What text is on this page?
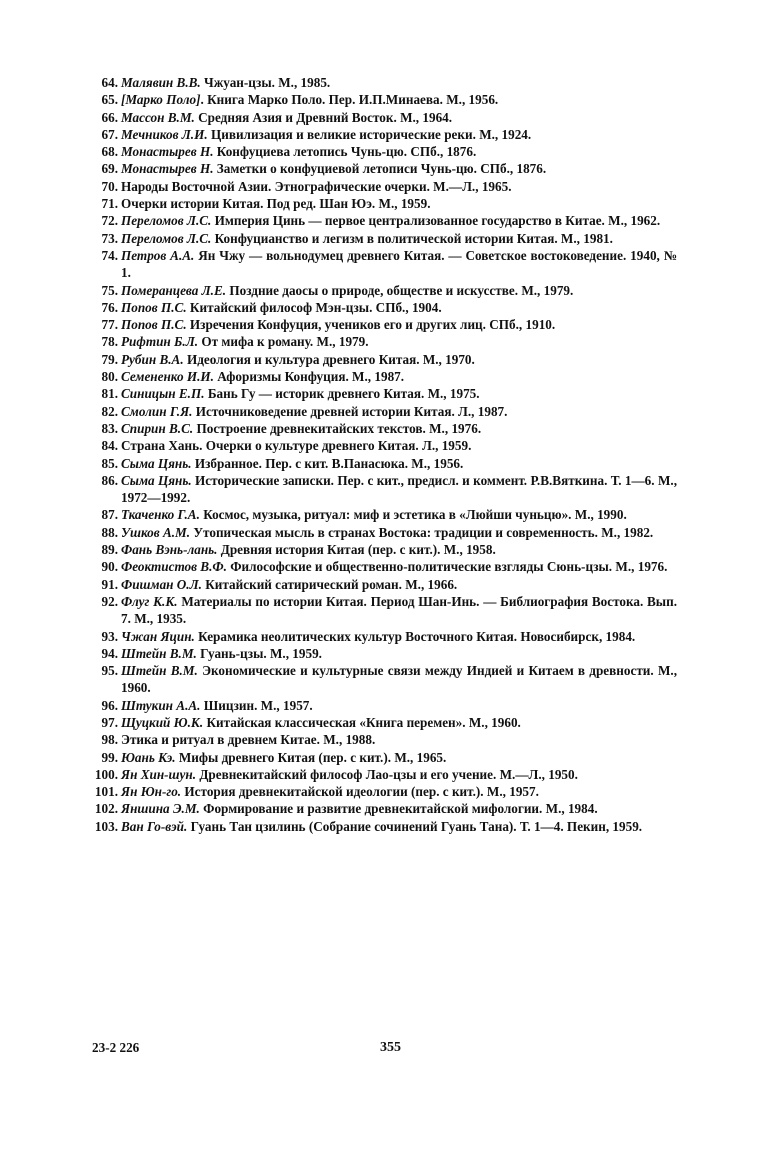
64. Малявин В.В. Чжуан-цзы. М., 1985.
65. [Марко Поло]. Книга Марко Поло. Пер. И.П.Минаева. М., 1956.
66. Массон В.М. Средняя Азия и Древний Восток. М., 1964.
67. Мечников Л.И. Цивилизация и великие исторические реки. М., 1924.
68. Монастырев Н. Конфуциева летопись Чунь-цю. СПб., 1876.
69. Монастырев Н. Заметки о конфуциевой летописи Чунь-цю. СПб., 1876.
70. Народы Восточной Азии. Этнографические очерки. М.—Л., 1965.
71. Очерки истории Китая. Под ред. Шан Юэ. М., 1959.
72. Переломов Л.С. Империя Цинь — первое централизованное государство в Китае. М., 1962.
73. Переломов Л.С. Конфуцианство и легизм в политической истории Китая. М., 1981.
74. Петров А.А. Ян Чжу — вольнодумец древнего Китая. — Советское востоковедение. 1940, № 1.
75. Померанцева Л.Е. Поздние даосы о природе, обществе и искусстве. М., 1979.
76. Попов П.С. Китайский философ Мэн-цзы. СПб., 1904.
77. Попов П.С. Изречения Конфуция, учеников его и других лиц. СПб., 1910.
78. Рифтин Б.Л. От мифа к роману. М., 1979.
79. Рубин В.А. Идеология и культура древнего Китая. М., 1970.
80. Семененко И.И. Афоризмы Конфуция. М., 1987.
81. Синицын Е.П. Бань Гу — историк древнего Китая. М., 1975.
82. Смолин Г.Я. Источниковедение древней истории Китая. Л., 1987.
83. Спирин В.С. Построение древнекитайских текстов. М., 1976.
84. Страна Хань. Очерки о культуре древнего Китая. Л., 1959.
85. Сыма Цянь. Избранное. Пер. с кит. В.Панасюка. М., 1956.
86. Сыма Цянь. Исторические записки. Пер. с кит., предисл. и коммент. Р.В.Вяткина. Т. 1—6. М., 1972—1992.
87. Ткаченко Г.А. Космос, музыка, ритуал: миф и эстетика в «Люйши чуньцю». М., 1990.
88. Ушков А.М. Утопическая мысль в странах Востока: традиции и современность. М., 1982.
89. Фань Вэнь-лань. Древняя история Китая (пер. с кит.). М., 1958.
90. Феоктистов В.Ф. Философские и общественно-политические взгляды Сюнь-цзы. М., 1976.
91. Фишман О.Л. Китайский сатирический роман. М., 1966.
92. Флуг К.К. Материалы по истории Китая. Период Шан-Инь. — Библиография Востока. Вып. 7. М., 1935.
93. Чжан Яцин. Керамика неолитических культур Восточного Китая. Новосибирск, 1984.
94. Штейн В.М. Гуань-цзы. М., 1959.
95. Штейн В.М. Экономические и культурные связи между Индией и Китаем в древности. М., 1960.
96. Штукин А.А. Шицзин. М., 1957.
97. Щуцкий Ю.К. Китайская классическая «Книга перемен». М., 1960.
98. Этика и ритуал в древнем Китае. М., 1988.
99. Юань Кэ. Мифы древнего Китая (пер. с кит.). М., 1965.
100. Ян Хин-шун. Древнекитайский философ Лао-цзы и его учение. М.—Л., 1950.
101. Ян Юн-го. История древнекитайской идеологии (пер. с кит.). М., 1957.
102. Яншина Э.М. Формирование и развитие древнекитайской мифологии. М., 1984.
103. Ван Го-вэй. Гуань Тан цзилинь (Собрание сочинений Гуань Тана). Т. 1—4. Пекин, 1959.
23-2 226	355
